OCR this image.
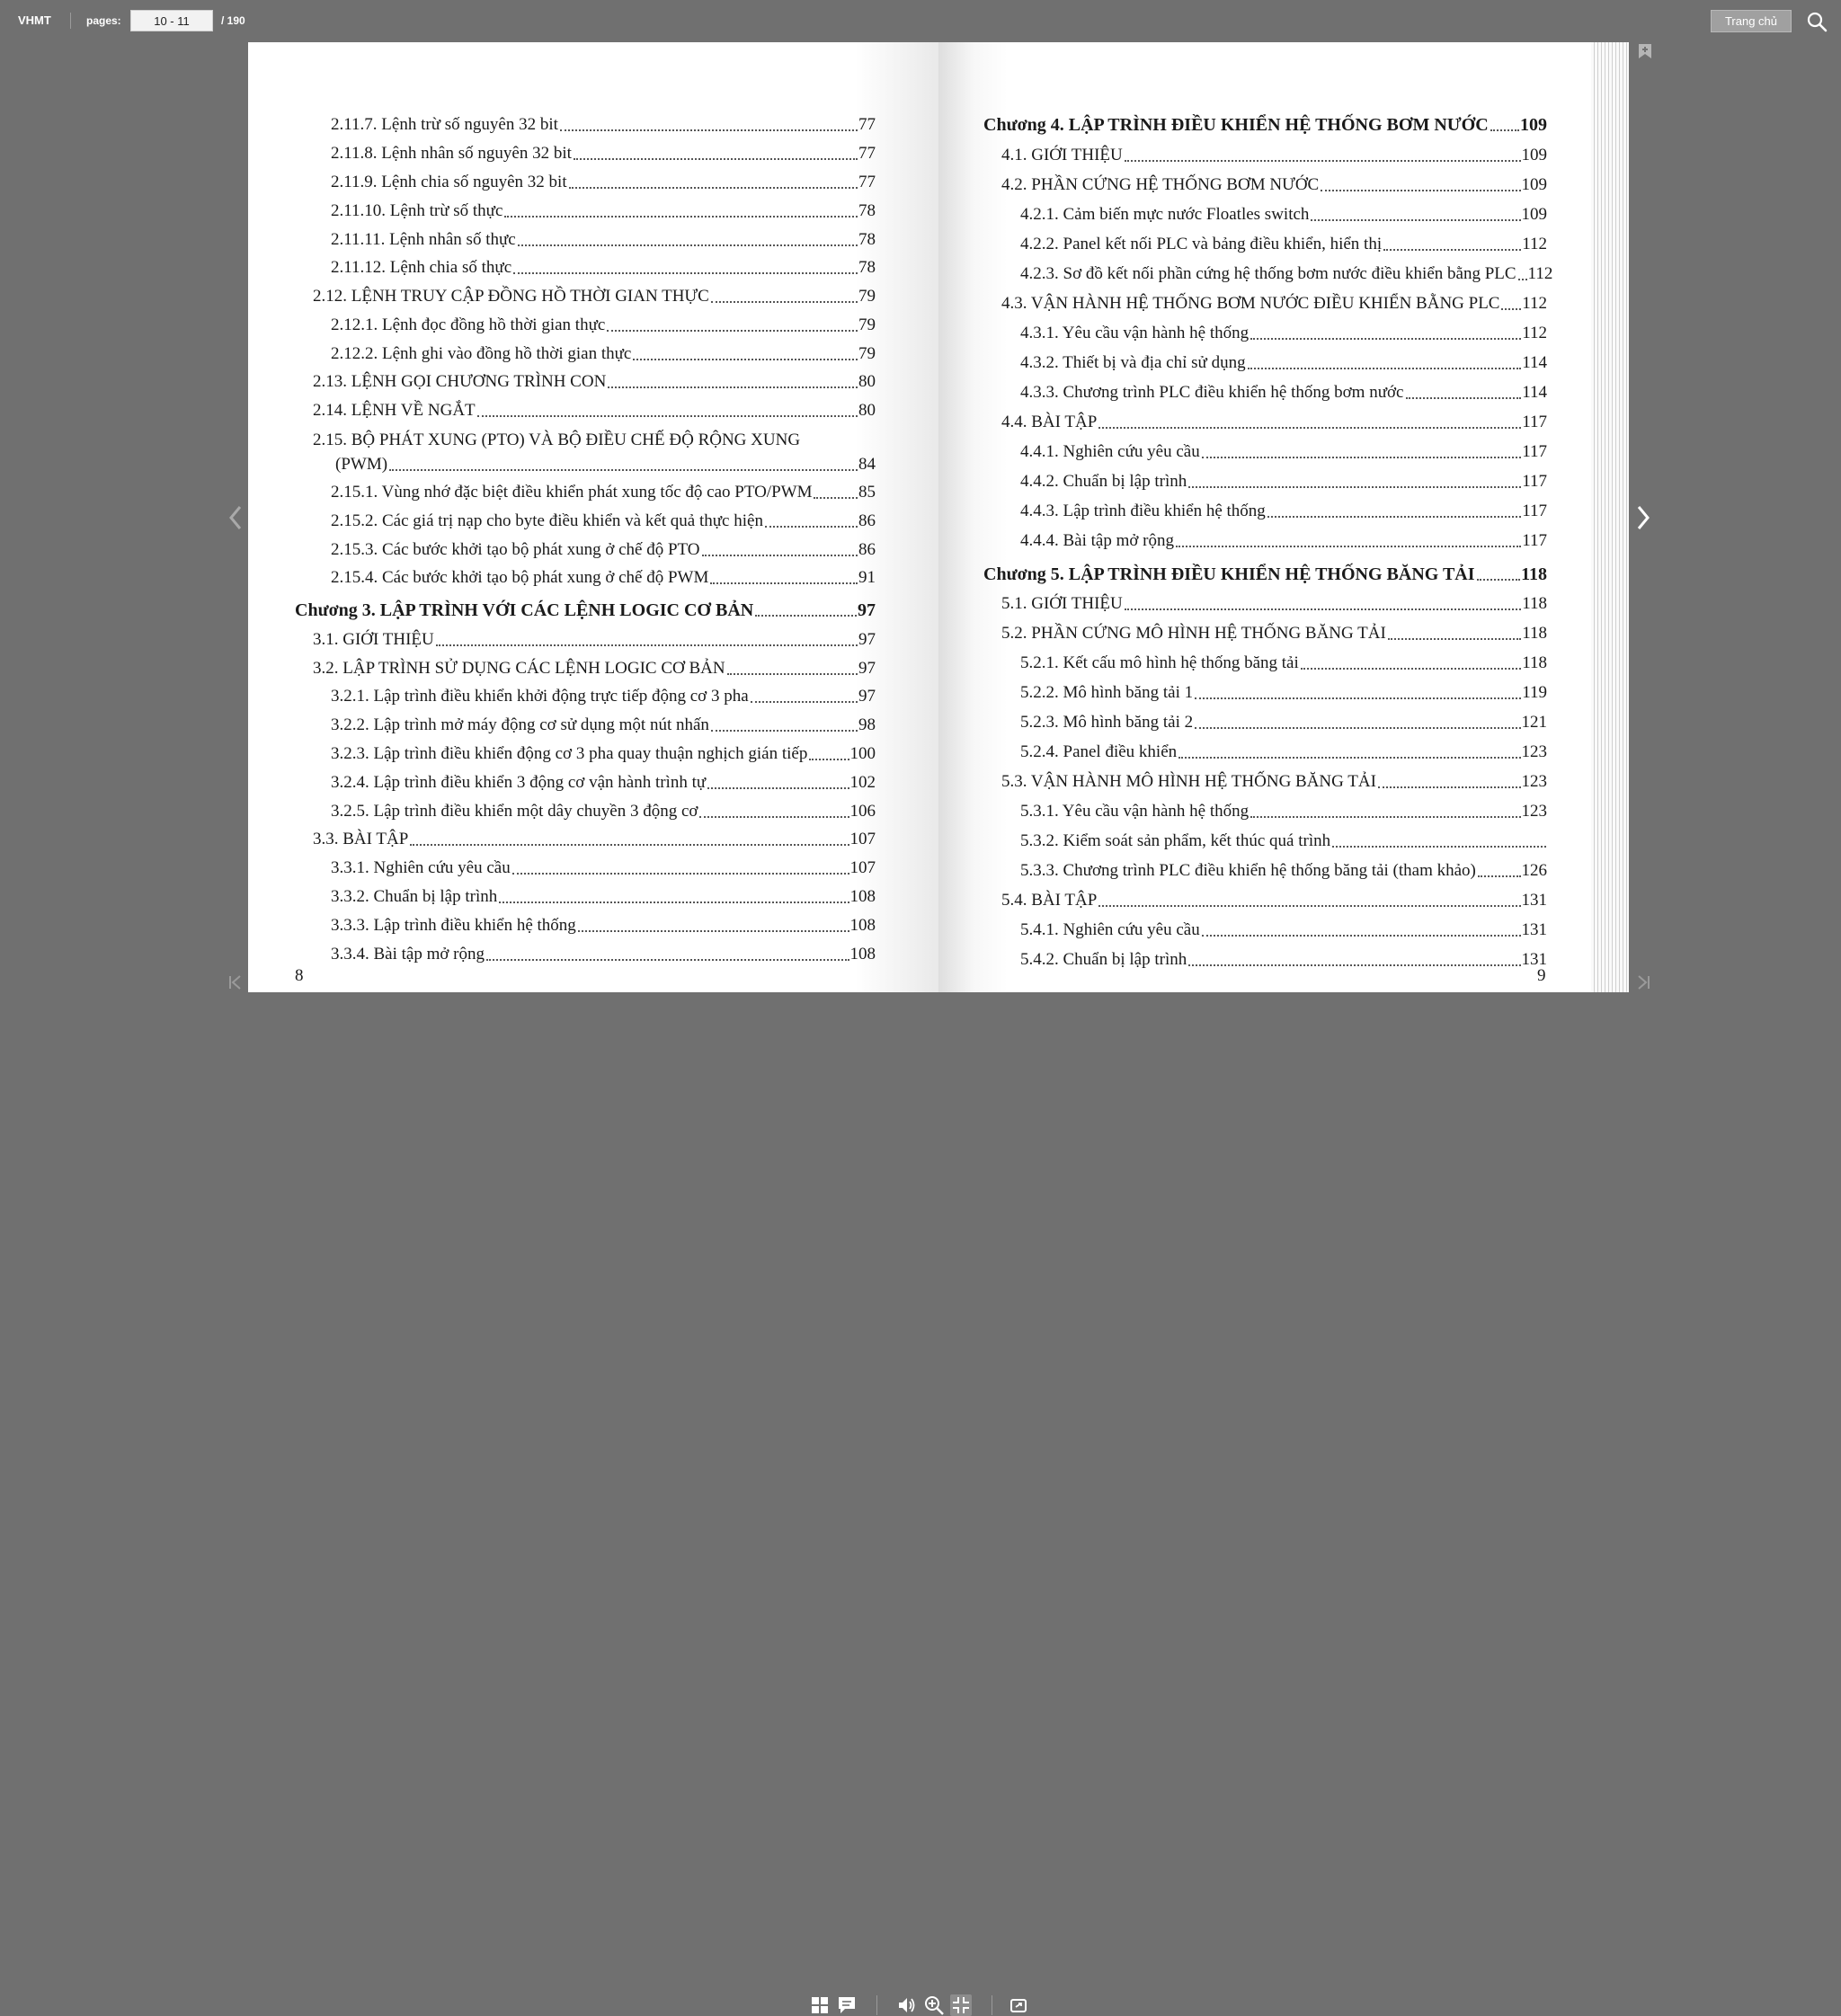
VHMT	pages:
10 - 11	/ 190	Trang chủ
2.11.7. Lệnh trừ số nguyên 32 bit	77
2.11.8. Lệnh nhân số nguyên 32 bit	77
2.11.9. Lệnh chia số nguyên 32 bit	77
2.11.10. Lệnh trừ số thực	78
2.11.11. Lệnh nhân số thực	78
2.11.12. Lệnh chia số thực	78
2.12. LỆNH TRUY CẬP ĐỒNG HỒ THỜI GIAN THỰC	79
2.12.1. Lệnh đọc đồng hồ thời gian thực	79
2.12.2. Lệnh ghi vào đồng hồ thời gian thực	79
2.13. LỆNH GỌI CHƯƠNG TRÌNH CON	80
2.14. LỆNH VỀ NGẮT	80
2.15. BỘ PHÁT XUNG (PTO) VÀ BỘ ĐIỀU CHẾ ĐỘ RỘNG XUNG
(PWM)	84
2.15.1. Vùng nhớ đặc biệt điều khiển phát xung tốc độ cao PTO/PWM	85
2.15.2. Các giá trị nạp cho byte điều khiển và kết quả thực hiện	86
2.15.3. Các bước khởi tạo bộ phát xung ở chế độ PTO	86
2.15.4. Các bước khởi tạo bộ phát xung ở chế độ PWM	91
Chương 3. LẬP TRÌNH VỚI CÁC LỆNH LOGIC CƠ BẢN	97
3.1. GIỚI THIỆU	97
3.2. LẬP TRÌNH SỬ DỤNG CÁC LỆNH LOGIC CƠ BẢN	97
3.2.1. Lập trình điều khiển khởi động trực tiếp động cơ 3 pha	97
3.2.2. Lập trình mở máy động cơ sử dụng một nút nhấn	98
3.2.3. Lập trình điều khiển động cơ 3 pha quay thuận nghịch gián tiếp 100
3.2.4. Lập trình điều khiển 3 động cơ vận hành trình tự	102
3.2.5. Lập trình điều khiển một dây chuyền 3 động cơ	106
3.3. BÀI TẬP	107
3.3.1. Nghiên cứu yêu cầu	107
3.3.2. Chuẩn bị lập trình	108
3.3.3. Lập trình điều khiển hệ thống	108
3.3.4. Bài tập mở rộng	108
8
Chương 4. LẬP TRÌNH ĐIỀU KHIỂN HỆ THỐNG BƠM NƯỚC 109
4.1. GIỚI THIỆU	109
4.2. PHẦN CỨNG HỆ THỐNG BƠM NƯỚC	109
4.2.1. Cảm biến mực nước Floatles switch	109
4.2.2. Panel kết nối PLC và bảng điều khiển, hiển thị	112
4.2.3. Sơ đồ kết nối phần cứng hệ thống bơm nước điều khiển bằng PLC 112
4.3. VẬN HÀNH HỆ THỐNG BƠM NƯỚC ĐIỀU KHIỂN BẰNG PLC 112
4.3.1. Yêu cầu vận hành hệ thống	112
4.3.2. Thiết bị và địa chỉ sử dụng	114
4.3.3. Chương trình PLC điều khiển hệ thống bơm nước	114
4.4. BÀI TẬP	117
4.4.1. Nghiên cứu yêu cầu	117
4.4.2. Chuẩn bị lập trình	117
4.4.3. Lập trình điều khiển hệ thống	117
4.4.4. Bài tập mở rộng	117
Chương 5. LẬP TRÌNH ĐIỀU KHIỂN HỆ THỐNG BĂNG TẢI	118
5.1. GIỚI THIỆU	118
5.2. PHẦN CỨNG MÔ HÌNH HỆ THỐNG BĂNG TẢI	118
5.2.1. Kết cấu mô hình hệ thống băng tải	118
5.2.2. Mô hình băng tải 1	119
5.2.3. Mô hình băng tải 2	121
5.2.4. Panel điều khiển	123
5.3. VẬN HÀNH MÔ HÌNH HỆ THỐNG BĂNG TẢI	123
5.3.1. Yêu cầu vận hành hệ thống	123
5.3.2. Kiểm soát sản phẩm, kết thúc quá trình
5.3.3. Chương trình PLC điều khiển hệ thống băng tải (tham khảo)	126
5.4. BÀI TẬP	131
5.4.1. Nghiên cứu yêu cầu	131
5.4.2. Chuẩn bị lập trình	131
9
